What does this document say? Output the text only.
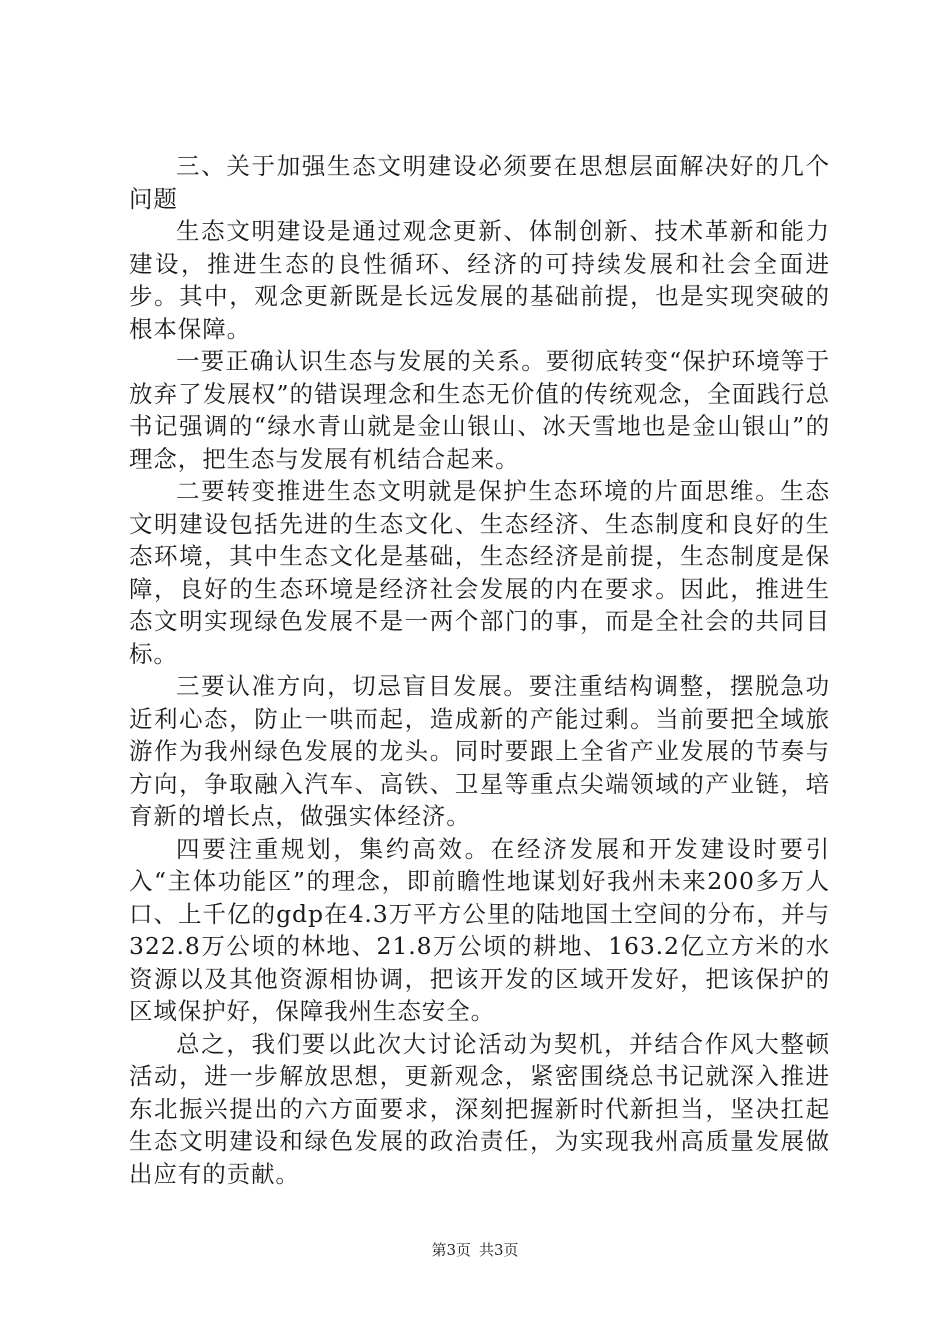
三、关于加强生态文明建设必须要在思想层面解决好的几个问题

生态文明建设是通过观念更新、体制创新、技术革新和能力建设，推进生态的良性循环、经济的可持续发展和社会全面进步。其中，观念更新既是长远发展的基础前提，也是实现突破的根本保障。

一要正确认识生态与发展的关系。要彻底转变“保护环境等于放弃了发展权”的错误理念和生态无价值的传统观念，全面践行总书记强调的“绿水青山就是金山银山、冰天雪地也是金山银山”的理念，把生态与发展有机结合起来。

二要转变推进生态文明就是保护生态环境的片面思维。生态文明建设包括先进的生态文化、生态经济、生态制度和良好的生态环境，其中生态文化是基础，生态经济是前提，生态制度是保障，良好的生态环境是经济社会发展的内在要求。因此，推进生态文明实现绿色发展不是一两个部门的事，而是全社会的共同目标。

三要认准方向，切忌盲目发展。要注重结构调整，摆脱急功近利心态，防止一哄而起，造成新的产能过剩。当前要把全域旅游作为我州绿色发展的龙头。同时要跟上全省产业发展的节奏与方向，争取融入汽车、高铁、卫星等重点尖端领域的产业链，培育新的增长点，做强实体经济。

四要注重规划，集约高效。在经济发展和开发建设时要引入“主体功能区”的理念，即前瞻性地谋划好我州未来200多万人口、上千亿的gdp在4.3万平方公里的陆地国土空间的分布，并与322.8万公顷的林地、21.8万公顷的耕地、163.2亿立方米的水资源以及其他资源相协调，把该开发的区域开发好，把该保护的区域保护好，保障我州生态安全。

总之，我们要以此次大讨论活动为契机，并结合作风大整顿活动，进一步解放思想，更新观念，紧密围绕总书记就深入推进东北振兴提出的六方面要求，深刻把握新时代新担当，坚决扛起生态文明建设和绿色发展的政治责任，为实现我州高质量发展做出应有的贡献。

第3页 共3页
